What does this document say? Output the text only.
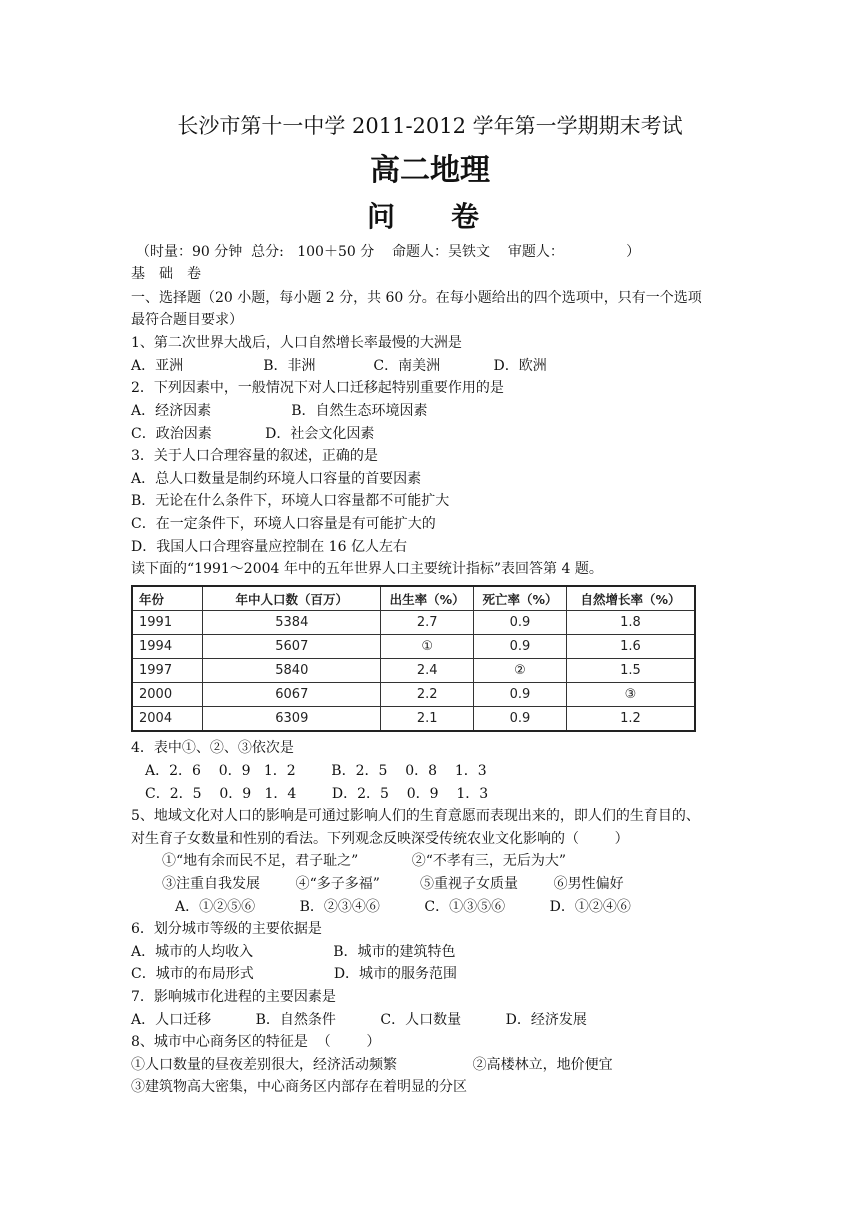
长沙市第十一中学 2011-2012 学年第一学期期末考试
高二地理
问　卷
（时量：90 分钟  总分:   100＋50 分    命题人：吴铁文    审题人：              ）
基　础　卷
一、选择题（20 小题，每小题 2 分，共 60 分。在每小题给出的四个选项中，只有一个选项
最符合题目要求）
1、第二次世界大战后，人口自然增长率最慢的大洲是
A．亚洲                  B．非洲             C．南美洲            D．欧洲
2．下列因素中，一般情况下对人口迁移起特别重要作用的是
A．经济因素                  B．自然生态环境因素
C．政治因素            D．社会文化因素
3．关于人口合理容量的叙述，正确的是
A．总人口数量是制约环境人口容量的首要因素
B．无论在什么条件下，环境人口容量都不可能扩大
C．在一定条件下，环境人口容量是有可能扩大的
D．我国人口合理容量应控制在 16 亿人左右
读下面的“1991～2004 年中的五年世界人口主要统计指标”表回答第 4 题。
年份	年中人口数（百万）	出生率（%）	死亡率（%）	自然增长率（%）
1991	5384	2.7	0.9	1.8
1994	5607	①	0.9	1.6
1997	5840	2.4	②	1.5
2000	6067	2.2	0.9	③
2004	6309	2.1	0.9	1.2
4．表中①、②、③依次是
A．2．6    0．9   1．2        B．2．5    0．8    1．3
C．2．5    0．9   1．4        D．2．5    0．9    1．3
5、地域文化对人口的影响是可通过影响人们的生育意愿而表现出来的，即人们的生育目的、
对生育子女数量和性别的看法。下列观念反映深受传统农业文化影响的（        ）
①“地有余而民不足，君子耻之”            ②“不孝有三，无后为大”
③注重自我发展        ④“多子多福”         ⑤重视子女质量        ⑥男性偏好
A．①②⑤⑥          B．②③④⑥          C．①③⑤⑥          D．①②④⑥
6．划分城市等级的主要依据是
A．城市的人均收入                  B．城市的建筑特色
C．城市的布局形式                  D．城市的服务范围
7．影响城市化进程的主要因素是
A．人口迁移          B．自然条件          C．人口数量          D．经济发展
8、城市中心商务区的特征是  （        ）
①人口数量的昼夜差别很大，经济活动频繁                 ②高楼林立，地价便宜
③建筑物高大密集，中心商务区内部存在着明显的分区
